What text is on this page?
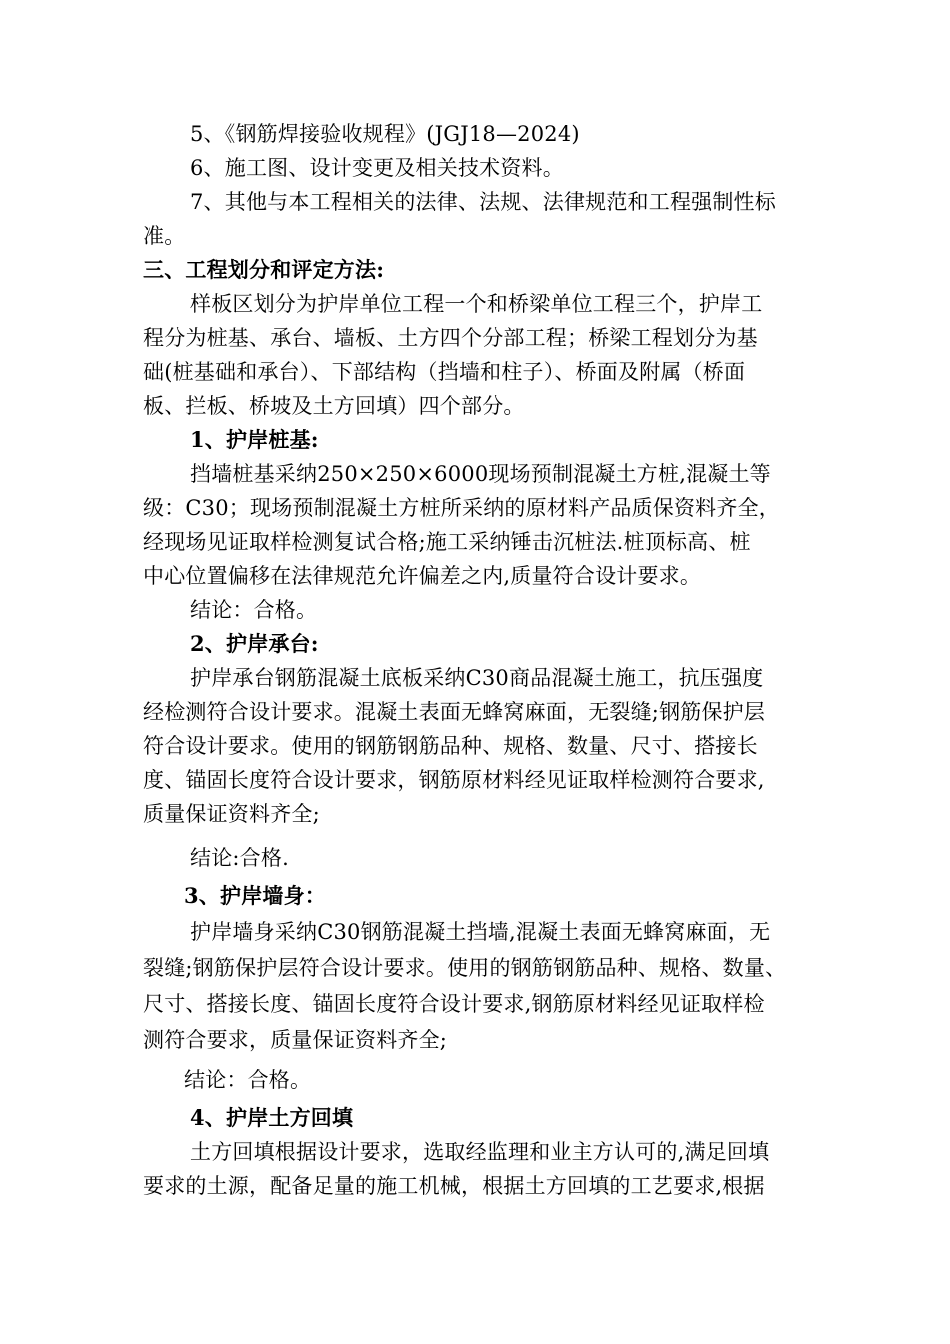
5、《钢筋焊接验收规程》(JGJ18—2024)
6、施工图、设计变更及相关技术资料。
7、其他与本工程相关的法律、法规、法律规范和工程强制性标
准。
三、工程划分和评定方法:
样板区划分为护岸单位工程一个和桥梁单位工程三个，护岸工
程分为桩基、承台、墙板、土方四个分部工程；桥梁工程划分为基
础(桩基础和承台）、下部结构（挡墙和柱子）、桥面及附属（桥面
板、拦板、桥坡及土方回填）四个部分。
1、护岸桩基:
挡墙桩基采纳250×250×6000现场预制混凝土方桩,混凝土等
级：C30；现场预制混凝土方桩所采纳的原材料产品质保资料齐全，
经现场见证取样检测复试合格;施工采纳锤击沉桩法.桩顶标高、桩
中心位置偏移在法律规范允许偏差之内,质量符合设计要求。
结论：合格。
2、护岸承台:
护岸承台钢筋混凝土底板采纳C30商品混凝土施工，抗压强度
经检测符合设计要求。混凝土表面无蜂窝麻面，无裂缝;钢筋保护层
符合设计要求。使用的钢筋钢筋品种、规格、数量、尺寸、搭接长
度、锚固长度符合设计要求，钢筋原材料经见证取样检测符合要求,
质量保证资料齐全;
结论:合格.
3、护岸墙身：
护岸墙身采纳C30钢筋混凝土挡墙,混凝土表面无蜂窝麻面，无
裂缝;钢筋保护层符合设计要求。使用的钢筋钢筋品种、规格、数量、
尺寸、搭接长度、锚固长度符合设计要求,钢筋原材料经见证取样检
测符合要求，质量保证资料齐全;
结论：合格。
4、护岸土方回填
土方回填根据设计要求，选取经监理和业主方认可的,满足回填
要求的土源，配备足量的施工机械，根据土方回填的工艺要求,根据
